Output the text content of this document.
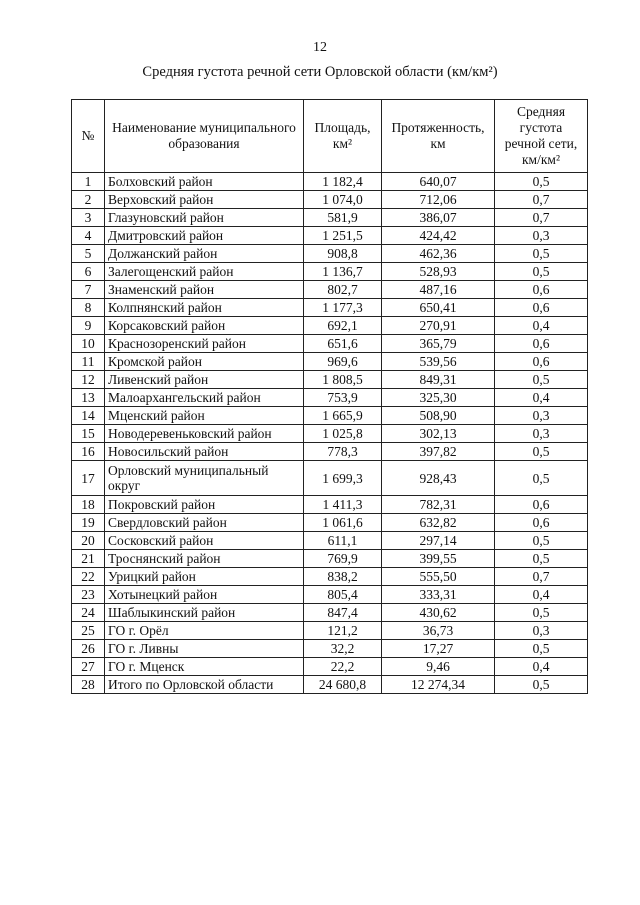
12
Средняя густота речной сети Орловской области (км/км²)
№	Наименование муниципального образования	Площадь, км²	Протяженность, км	Средняя густота речной сети, км/км²
1	Болховский район	1 182,4	640,07	0,5
2	Верховский район	1 074,0	712,06	0,7
3	Глазуновский район	581,9	386,07	0,7
4	Дмитровский район	1 251,5	424,42	0,3
5	Должанский район	908,8	462,36	0,5
6	Залегощенский район	1 136,7	528,93	0,5
7	Знаменский район	802,7	487,16	0,6
8	Колпнянский район	1 177,3	650,41	0,6
9	Корсаковский район	692,1	270,91	0,4
10	Краснозоренский район	651,6	365,79	0,6
11	Кромской район	969,6	539,56	0,6
12	Ливенский район	1 808,5	849,31	0,5
13	Малоархангельский район	753,9	325,30	0,4
14	Мценский район	1 665,9	508,90	0,3
15	Новодеревеньковский район	1 025,8	302,13	0,3
16	Новосильский район	778,3	397,82	0,5
17	Орловский муниципальный округ	1 699,3	928,43	0,5
18	Покровский район	1 411,3	782,31	0,6
19	Свердловский район	1 061,6	632,82	0,6
20	Сосковский район	611,1	297,14	0,5
21	Троснянский район	769,9	399,55	0,5
22	Урицкий район	838,2	555,50	0,7
23	Хотынецкий район	805,4	333,31	0,4
24	Шаблыкинский район	847,4	430,62	0,5
25	ГО г. Орёл	121,2	36,73	0,3
26	ГО г. Ливны	32,2	17,27	0,5
27	ГО г. Мценск	22,2	9,46	0,4
28	Итого по Орловской области	24 680,8	12 274,34	0,5
